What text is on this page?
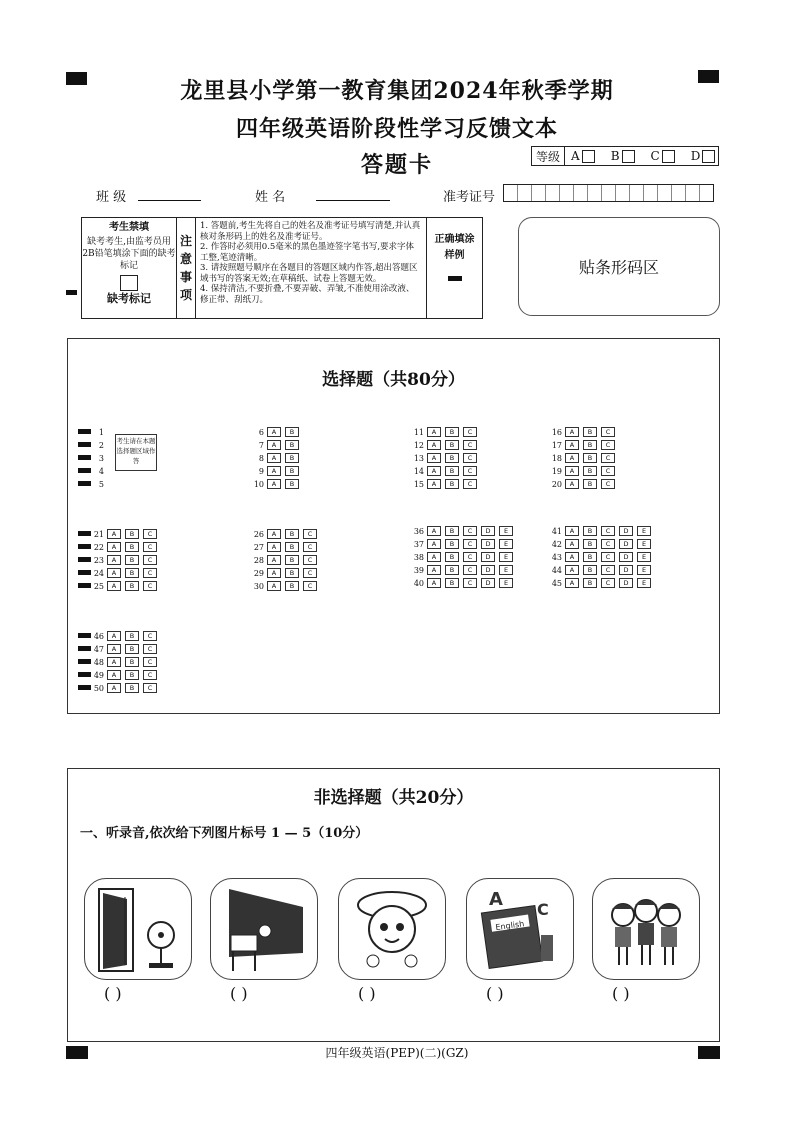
龙里县小学第一教育集团2024年秋季学期
四年级英语阶段性学习反馈文本
答题卡	等级 A	B	C	D
班 级	姓 名	准考证号
考生禁填
缺考考生,由监考员用2B铅笔填涂下面的缺考标记
缺考标记
注
意
事
项
1. 答题前,考生先将自己的姓名及准考证号填写清楚,并认真核对条形码上的姓名及准考证号。
2. 作答时必须用0.5毫米的黑色墨迹签字笔书写,要求字体工整,笔迹清晰。
3. 请按照题号顺序在各题目的答题区域内作答,超出答题区域书写的答案无效;在草稿纸、试卷上答题无效。
4. 保持清洁,不要折叠,不要弄破、弄皱,不准使用涂改液、修正带、刮纸刀。
正确填涂样例
贴条形码区
选择题（共80分）
考生请在本题选择题区域作答
1
2
3
4
5
6	A	B
7	A	B
8	A	B
9	A	B
10	A	B
11	A	B	C
12	A	B	C
13	A	B	C
14	A	B	C
15	A	B	C
16	A	B	C
17	A	B	C
18	A	B	C
19	A	B	C
20	A	B	C
21	A	B	C
22	A	B	C
23	A	B	C
24	A	B	C
25	A	B	C
26	A	B	C
27	A	B	C
28	A	B	C
29	A	B	C
30	A	B	C
36	A	B	C	D	E
37	A	B	C	D	E
38	A	B	C	D	E
39	A	B	C	D	E
40	A	B	C	D	E
41	A	B	C	D	E
42	A	B	C	D	E
43	A	B	C	D	E
44	A	B	C	D	E
45	A	B	C	D	E
46	A	B	C
47	A	B	C
48	A	B	C
49	A	B	C
50	A	B	C
非选择题（共20分）
一、听录音,依次给下列图片标号 1 — 5（10分）
English
A C
( )	( )	( )	( )	( )
四年级英语(PEP)(二)(GZ)
